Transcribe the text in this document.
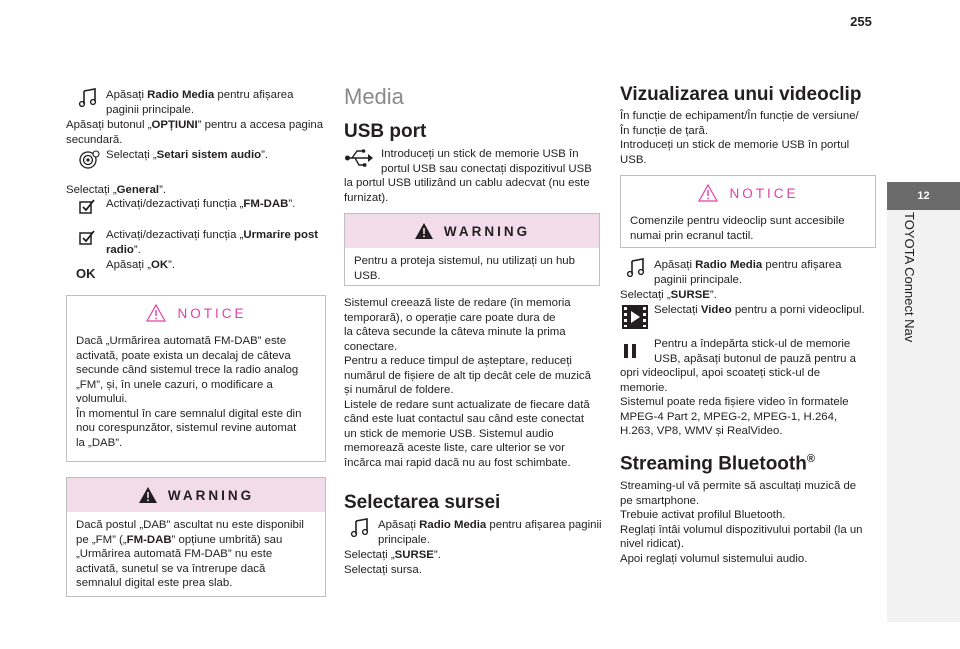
255
12
TOYOTA Connect Nav
Apăsați Radio Media pentru afișarea paginii principale.
Apăsați butonul „OPȚIUNI” pentru a accesa pagina secundară.
Selectați „Setari sistem audio”.
Selectați „General”.
Activați/dezactivați funcția „FM-DAB”.
Activați/dezactivați funcția „Urmarire post radio”.
OK
Apăsați „OK”.
NOTICE
Dacă „Urmărirea automată FM-DAB” este
activată, poate exista un decalaj de câteva
secunde când sistemul trece la radio analog
„FM”, și, în unele cazuri, o modificare a
volumului.
În momentul în care semnalul digital este din
nou corespunzător, sistemul revine automat
la „DAB”.
WARNING
Dacă postul „DAB” ascultat nu este disponibil
pe „FM” („FM-DAB” opțiune umbrită) sau
„Urmărirea automată FM-DAB” nu este
activată, sunetul se va întrerupe dacă
semnalul digital este prea slab.
Media
USB port
Introduceți un stick de memorie USB în
portul USB sau conectați dispozitivul USB
la portul USB utilizând un cablu adecvat (nu este
furnizat).
WARNING
Pentru a proteja sistemul, nu utilizați un hub
USB.
Sistemul creează liste de redare (în memoria
temporară), o operație care poate dura de
la câteva secunde la câteva minute la prima
conectare.
Pentru a reduce timpul de așteptare, reduceți
numărul de fișiere de alt tip decât cele de muzică
și numărul de foldere.
Listele de redare sunt actualizate de fiecare dată
când este luat contactul sau când este conectat
un stick de memorie USB. Sistemul audio
memorează aceste liste, care ulterior se vor
încărca mai rapid dacă nu au fost schimbate.
Selectarea sursei
Apăsați Radio Media pentru afișarea paginii principale.
Selectați „SURSE”.
Selectați sursa.
Vizualizarea unui videoclip
În funcție de echipament/În funcție de versiune/
În funcție de țară.
Introduceți un stick de memorie USB în portul
USB.
NOTICE
Comenzile pentru videoclip sunt accesibile
numai prin ecranul tactil.
Apăsați Radio Media pentru afișarea paginii principale.
Selectați „SURSE”.
Selectați Video pentru a porni videoclipul.
Pentru a îndepărta stick-ul de memorie
USB, apăsați butonul de pauză pentru a
opri videoclipul, apoi scoateți stick-ul de
memorie.
Sistemul poate reda fișiere video în formatele
MPEG-4 Part 2, MPEG-2, MPEG-1, H.264,
H.263, VP8, WMV și RealVideo.
Streaming Bluetooth®
Streaming-ul vă permite să ascultați muzică de
pe smartphone.
Trebuie activat profilul Bluetooth.
Reglați întâi volumul dispozitivului portabil (la un
nivel ridicat).
Apoi reglați volumul sistemului audio.
